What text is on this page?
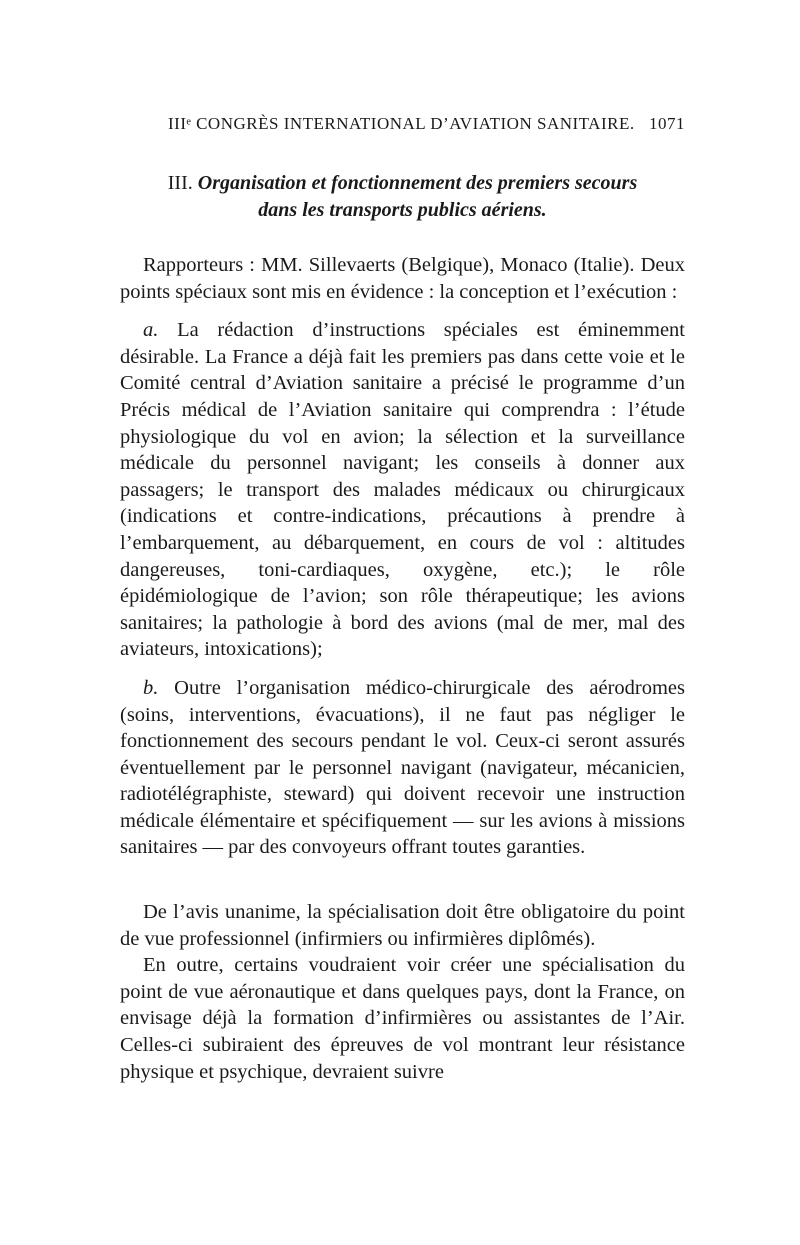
IIIᵉ CONGRÈS INTERNATIONAL D’AVIATION SANITAIRE. 1071
III. Organisation et fonctionnement des premiers secours
dans les transports publics aériens.

Rapporteurs : MM. Sillevaerts (Belgique), Monaco (Italie). Deux points spéciaux sont mis en évidence : la conception et l’exécution :

a. La rédaction d’instructions spéciales est éminemment désirable. La France a déjà fait les premiers pas dans cette voie et le Comité central d’Aviation sanitaire a précisé le programme d’un Précis médical de l’Aviation sanitaire qui comprendra : l’étude physiologique du vol en avion; la sélection et la surveillance médicale du personnel navigant; les conseils à donner aux passagers; le transport des malades médicaux ou chirurgicaux (indications et contre-indications, précautions à prendre à l’embarquement, au débarquement, en cours de vol : altitudes dangereuses, toni-cardiaques, oxygène, etc.); le rôle épidémiologique de l’avion; son rôle thérapeutique; les avions sanitaires; la pathologie à bord des avions (mal de mer, mal des aviateurs, intoxications);

b. Outre l’organisation médico-chirurgicale des aérodromes (soins, interventions, évacuations), il ne faut pas négliger le fonctionnement des secours pendant le vol. Ceux-ci seront assurés éventuellement par le personnel navigant (navigateur, mécanicien, radiotélégraphiste, steward) qui doivent recevoir une instruction médicale élémentaire et spécifiquement — sur les avions à missions sanitaires — par des convoyeurs offrant toutes garanties.

De l’avis unanime, la spécialisation doit être obligatoire du point de vue professionnel (infirmiers ou infirmières diplômés).

En outre, certains voudraient voir créer une spécialisation du point de vue aéronautique et dans quelques pays, dont la France, on envisage déjà la formation d’infirmières ou assistantes de l’Air. Celles-ci subiraient des épreuves de vol montrant leur résistance physique et psychique, devraient suivre
